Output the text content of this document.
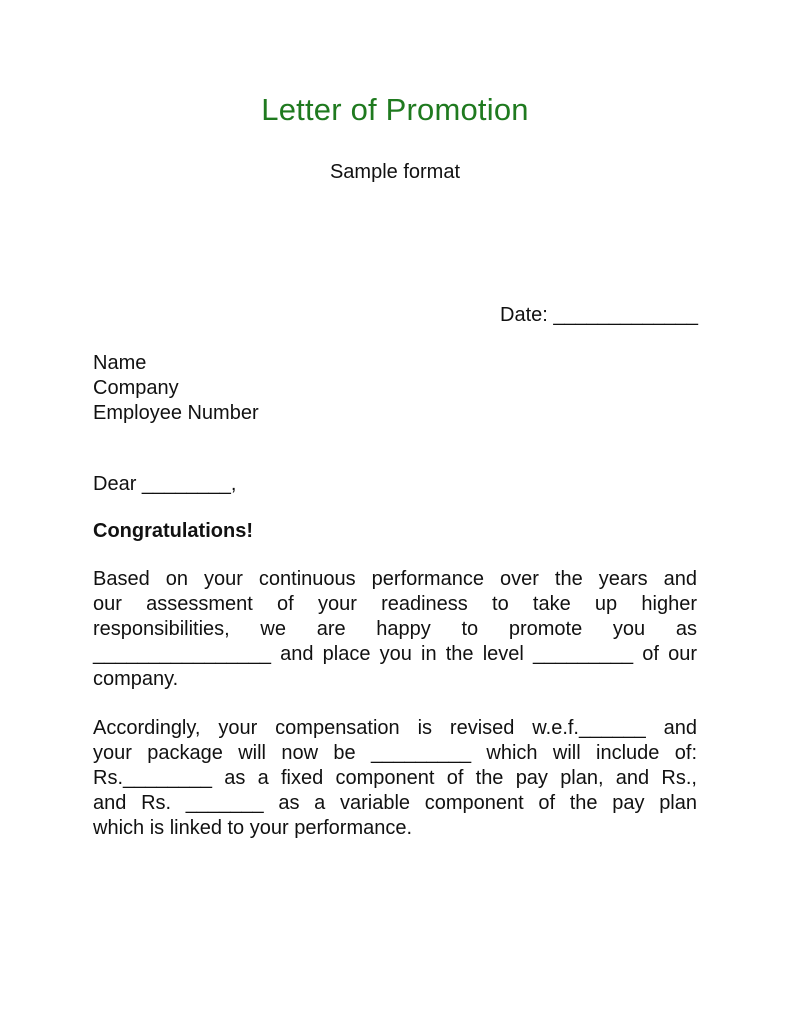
Letter of Promotion
Sample format
Date: _____________
Name
Company
Employee Number
Dear ________,
Congratulations!
Based on your continuous performance over the years and
our assessment of your readiness to take up higher
responsibilities, we are happy to promote you as
________________ and place you in the level _________ of our
company.
Accordingly, your compensation is revised w.e.f.______ and
your package will now be _________ which will include of:
Rs.________ as a fixed component of the pay plan, and Rs.,
and Rs. _______ as a variable component of the pay plan
which is linked to your performance.
